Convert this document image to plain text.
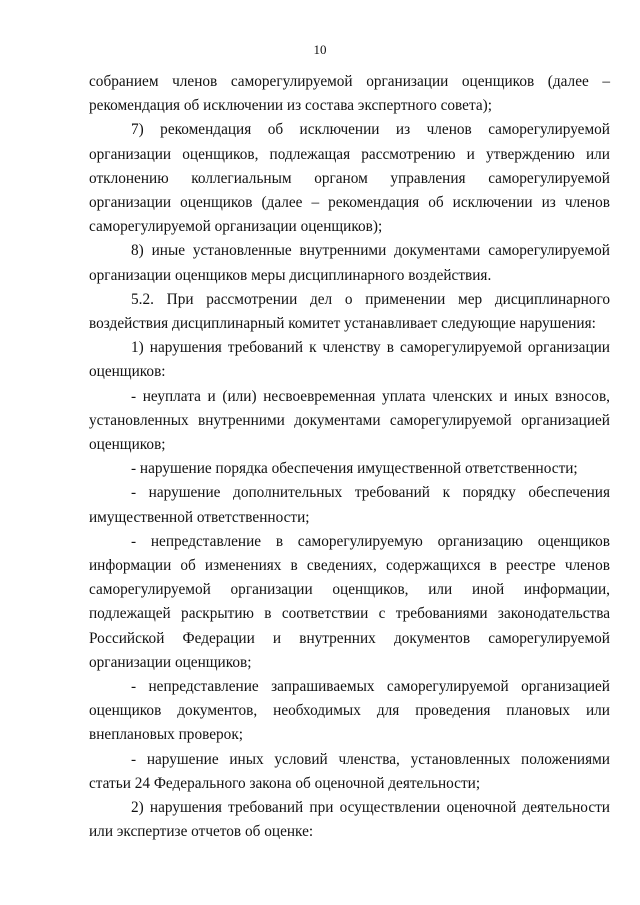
10

собранием членов саморегулируемой организации оценщиков (далее – рекомендация об исключении из состава экспертного совета);

7) рекомендация об исключении из членов саморегулируемой организации оценщиков, подлежащая рассмотрению и утверждению или отклонению коллегиальным органом управления саморегулируемой организации оценщиков (далее – рекомендация об исключении из членов саморегулируемой организации оценщиков);

8) иные установленные внутренними документами саморегулируемой организации оценщиков меры дисциплинарного воздействия.

5.2. При рассмотрении дел о применении мер дисциплинарного воздействия дисциплинарный комитет устанавливает следующие нарушения:

1) нарушения требований к членству в саморегулируемой организации оценщиков:

- неуплата и (или) несвоевременная уплата членских и иных взносов, установленных внутренними документами саморегулируемой организацией оценщиков;

- нарушение порядка обеспечения имущественной ответственности;

- нарушение дополнительных требований к порядку обеспечения имущественной ответственности;

- непредставление в саморегулируемую организацию оценщиков информации об изменениях в сведениях, содержащихся в реестре членов саморегулируемой организации оценщиков, или иной информации, подлежащей раскрытию в соответствии с требованиями законодательства Российской Федерации и внутренних документов саморегулируемой организации оценщиков;

- непредставление запрашиваемых саморегулируемой организацией оценщиков документов, необходимых для проведения плановых или внеплановых проверок;

- нарушение иных условий членства, установленных положениями статьи 24 Федерального закона об оценочной деятельности;

2) нарушения требований при осуществлении оценочной деятельности или экспертизе отчетов об оценке:
